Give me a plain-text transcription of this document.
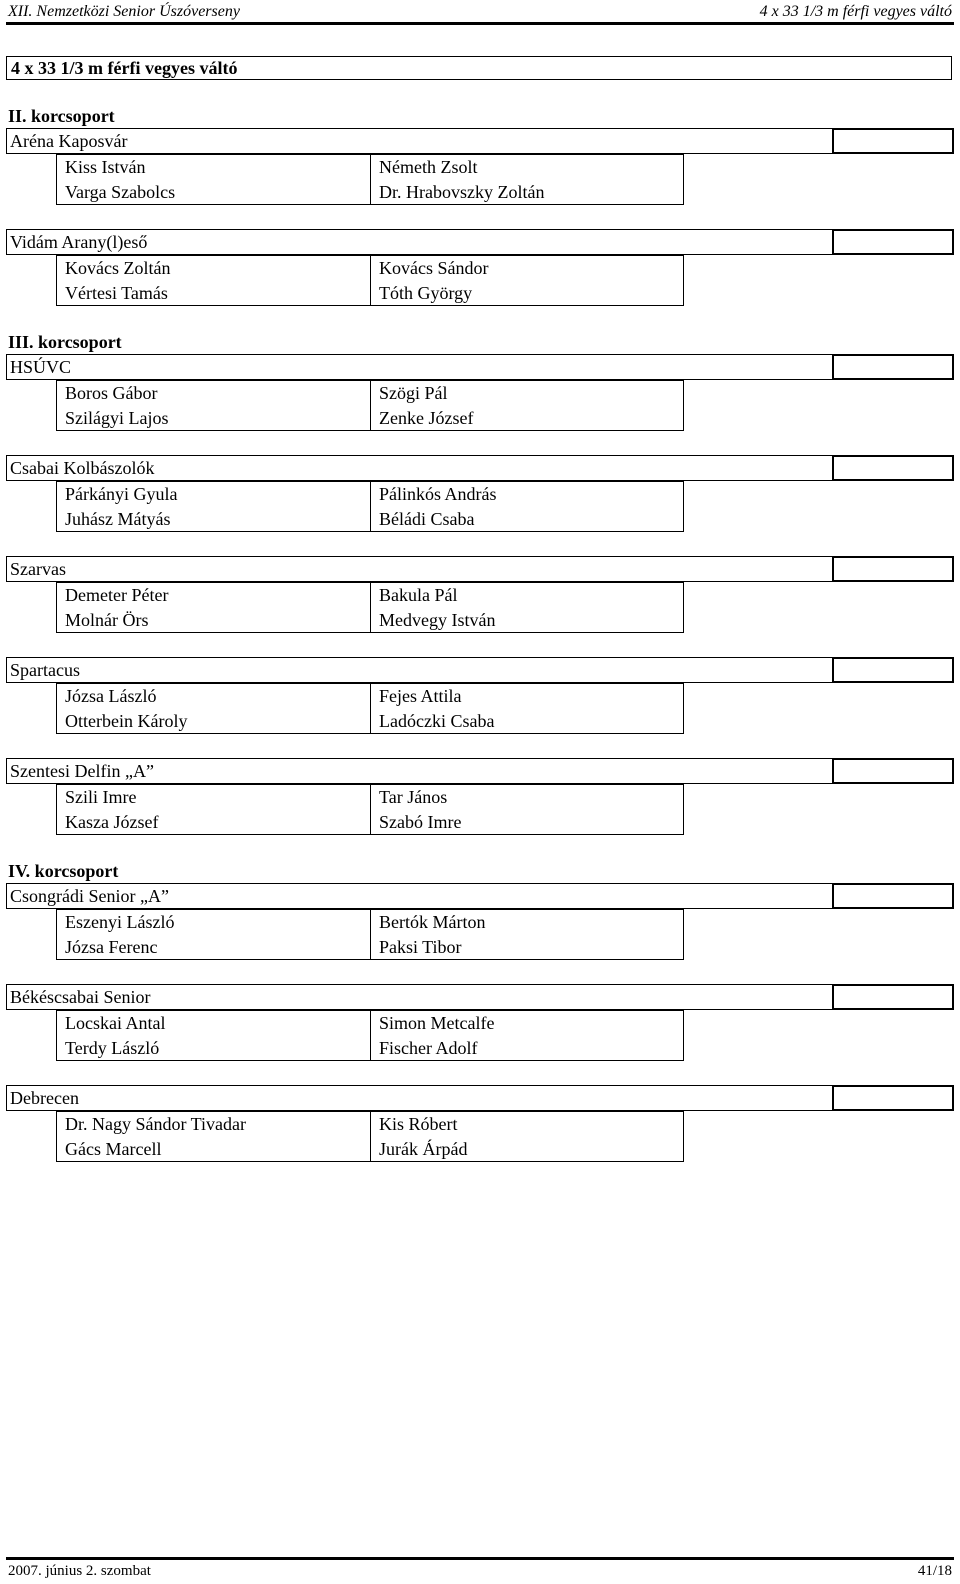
XII. Nemzetközi Senior Úszóverseny	4 x 33 1/3 m férfi vegyes váltó
4 x 33 1/3 m férfi vegyes váltó
II. korcsoport
Aréna Kaposvár
Kiss István
Varga Szabolcs
Németh Zsolt
Dr. Hrabovszky Zoltán
Vidám Arany(l)eső
Kovács Zoltán
Vértesi Tamás
Kovács Sándor
Tóth György
III. korcsoport
HSÚVC
Boros Gábor
Szilágyi Lajos
Szögi Pál
Zenke József
Csabai Kolbászolók
Párkányi Gyula
Juhász Mátyás
Pálinkós András
Béládi Csaba
Szarvas
Demeter Péter
Molnár Örs
Bakula Pál
Medvegy István
Spartacus
Józsa László
Otterbein Károly
Fejes Attila
Ladóczki Csaba
Szentesi Delfin „A”
Szili Imre
Kasza József
Tar János
Szabó Imre
IV. korcsoport
Csongrádi Senior „A”
Eszenyi László
Józsa Ferenc
Bertók Márton
Paksi Tibor
Békéscsabai Senior
Locskai Antal
Terdy László
Simon Metcalfe
Fischer Adolf
Debrecen
Dr. Nagy Sándor Tivadar
Gács Marcell
Kis Róbert
Jurák Árpád
2007. június 2. szombat	41/18
